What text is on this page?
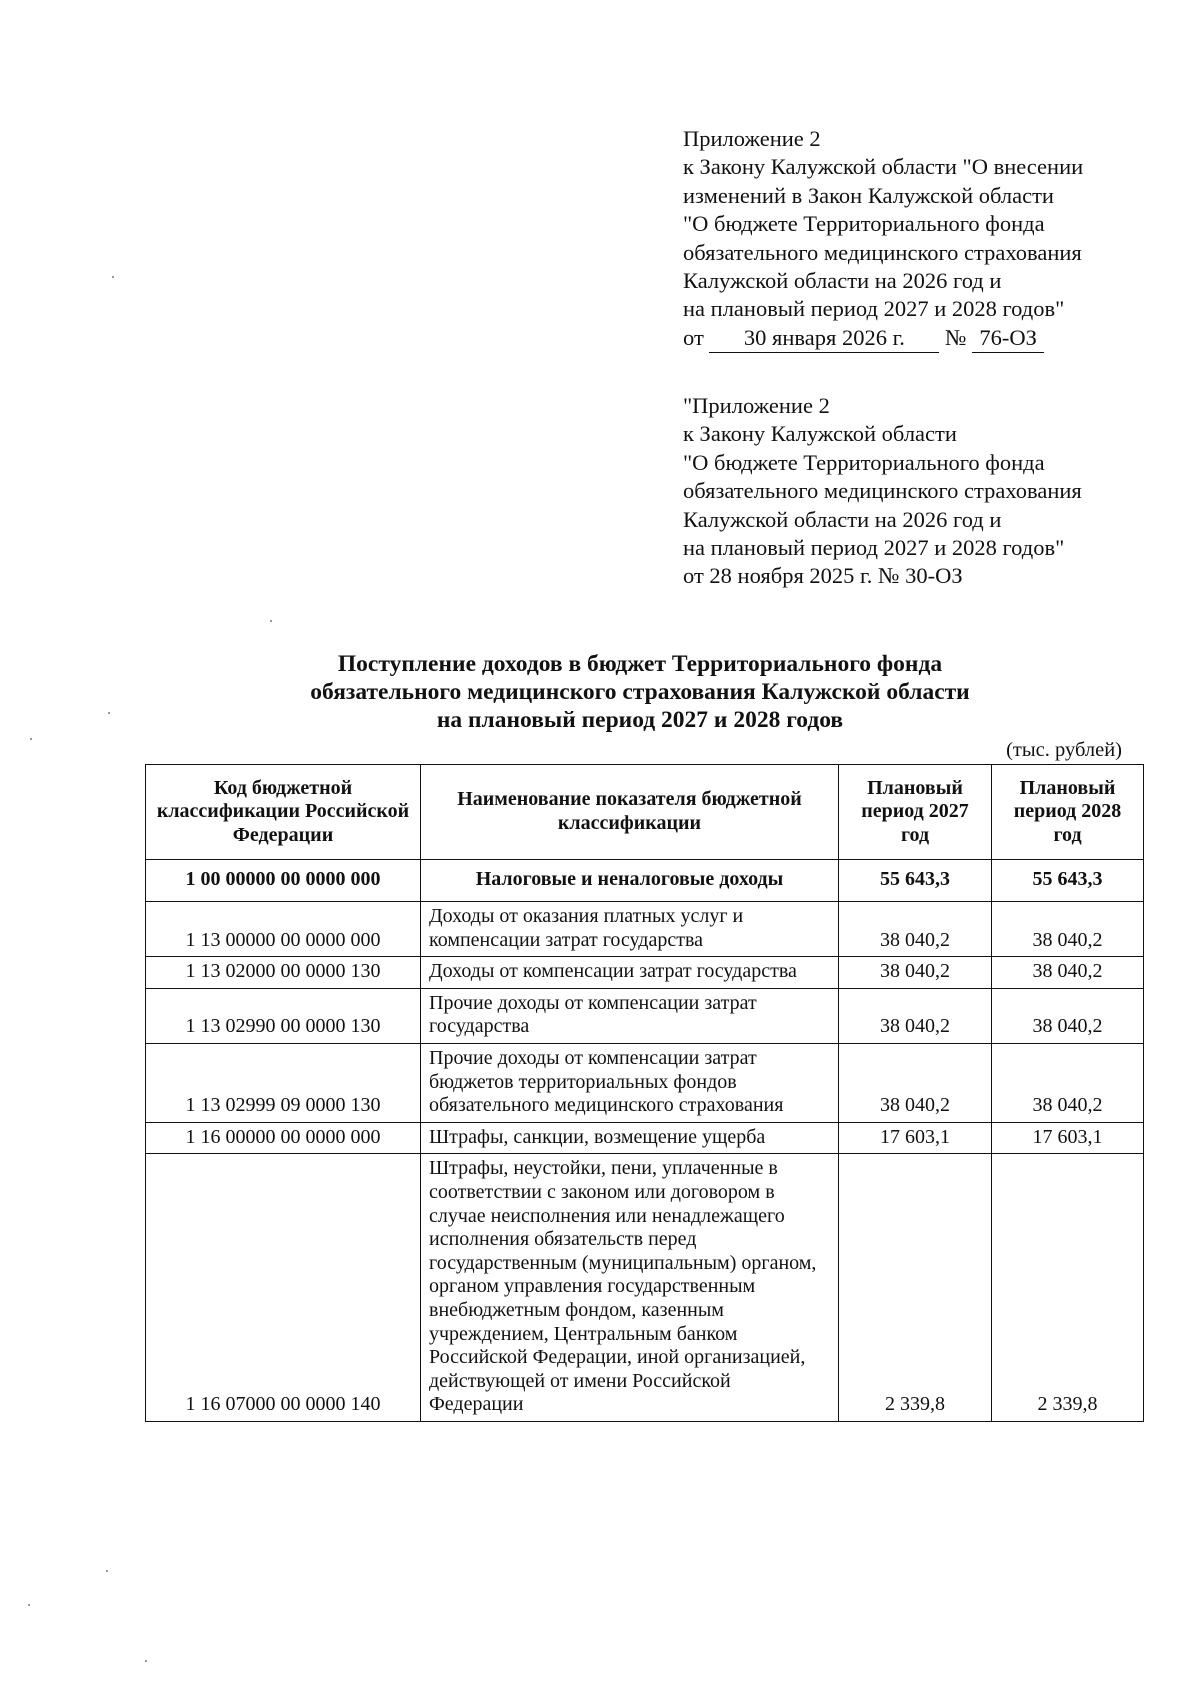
Приложение 2
к Закону Калужской области "О внесении
изменений в Закон Калужской области
"О бюджете Территориального фонда
обязательного медицинского страхования
Калужской области на 2026 год и
на плановый период 2027 и 2028 годов"
от 30 января 2026 г. № 76-ОЗ
"Приложение 2
к Закону Калужской области
"О бюджете Территориального фонда
обязательного медицинского страхования
Калужской области на 2026 год и
на плановый период 2027 и 2028 годов"
от 28 ноября 2025 г. № 30-ОЗ
Поступление доходов в бюджет Территориального фонда
обязательного медицинского страхования Калужской области
на плановый период 2027 и 2028 годов
(тыс. рублей)
Код бюджетной классификации Российской Федерации	Наименование показателя бюджетной классификации	Плановый период 2027 год	Плановый период 2028 год
1 00 00000 00 0000 000	Налоговые и неналоговые доходы	55 643,3	55 643,3
1 13 00000 00 0000 000	Доходы от оказания платных услуг и компенсации затрат государства	38 040,2	38 040,2
1 13 02000 00 0000 130	Доходы от компенсации затрат государства	38 040,2	38 040,2
1 13 02990 00 0000 130	Прочие доходы от компенсации затрат государства	38 040,2	38 040,2
1 13 02999 09 0000 130	Прочие доходы от компенсации затрат бюджетов территориальных фондов обязательного медицинского страхования	38 040,2	38 040,2
1 16 00000 00 0000 000	Штрафы, санкции, возмещение ущерба	17 603,1	17 603,1
1 16 07000 00 0000 140	Штрафы, неустойки, пени, уплаченные в соответствии с законом или договором в случае неисполнения или ненадлежащего исполнения обязательств перед государственным (муниципальным) органом, органом управления государственным внебюджетным фондом, казенным учреждением, Центральным банком Российской Федерации, иной организацией, действующей от имени Российской Федерации	2 339,8	2 339,8
